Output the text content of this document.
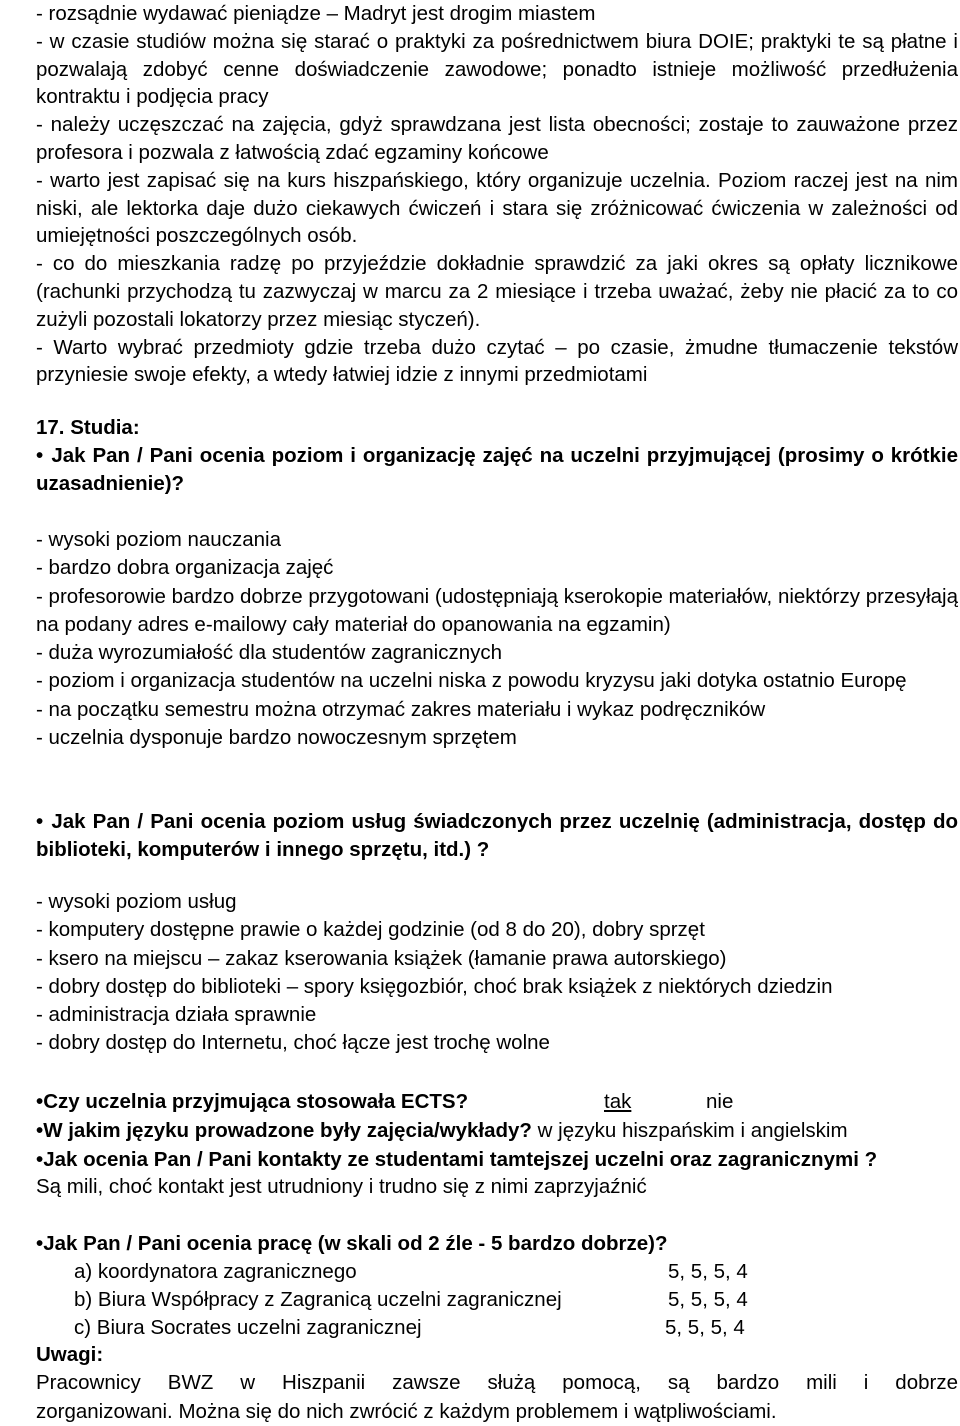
- rozsądnie wydawać pieniądze – Madryt jest drogim miastem

- w czasie studiów można się starać o praktyki za pośrednictwem biura DOIE; praktyki te są płatne i pozwalają zdobyć cenne doświadczenie zawodowe; ponadto istnieje możliwość przedłużenia kontraktu i podjęcia pracy

- należy uczęszczać na zajęcia, gdyż sprawdzana jest lista obecności; zostaje to zauważone przez profesora i pozwala z łatwością zdać egzaminy końcowe

- warto jest zapisać się na kurs hiszpańskiego, który organizuje uczelnia. Poziom raczej jest na nim niski, ale lektorka daje dużo ciekawych ćwiczeń i stara się zróżnicować ćwiczenia w zależności od umiejętności poszczególnych osób.

- co do mieszkania radzę po przyjeździe dokładnie sprawdzić za jaki okres są opłaty licznikowe (rachunki przychodzą tu zazwyczaj w marcu za 2 miesiące i trzeba uważać, żeby nie płacić za to co zużyli pozostali lokatorzy przez miesiąc styczeń).

- Warto wybrać przedmioty gdzie trzeba dużo czytać – po czasie, żmudne tłumaczenie tekstów przyniesie swoje efekty, a wtedy łatwiej idzie z innymi przedmiotami

17. Studia:
• Jak Pan / Pani ocenia poziom i organizację zajęć na uczelni przyjmującej (prosimy o krótkie uzasadnienie)?
- wysoki poziom nauczania
- bardzo dobra organizacja zajęć
- profesorowie bardzo dobrze przygotowani (udostępniają kserokopie materiałów, niektórzy przesyłają na podany adres e-mailowy cały materiał do opanowania na egzamin)
- duża wyrozumiałość dla studentów zagranicznych
- poziom i organizacja studentów na uczelni niska z powodu kryzysu jaki dotyka ostatnio Europę
- na początku semestru można otrzymać zakres materiału i wykaz podręczników
- uczelnia dysponuje bardzo nowoczesnym sprzętem
• Jak Pan / Pani ocenia poziom usług świadczonych przez uczelnię (administracja, dostęp do biblioteki, komputerów i innego sprzętu, itd.) ?
- wysoki poziom usług
- komputery dostępne prawie o każdej godzinie (od 8 do 20), dobry sprzęt
- ksero na miejscu – zakaz kserowania książek (łamanie prawa autorskiego)
- dobry dostęp do biblioteki – spory księgozbiór, choć brak książek z niektórych dziedzin
- administracja działa sprawnie
- dobry dostęp do Internetu, choć łącze jest trochę wolne
•Czy uczelnia przyjmująca stosowała ECTS?	tak	nie
•W jakim języku prowadzone były zajęcia/wykłady? w języku hiszpańskim i angielskim
•Jak ocenia Pan / Pani kontakty ze studentami tamtejszej uczelni oraz zagranicznymi ?
Są mili, choć kontakt jest utrudniony i trudno się z nimi zaprzyjaźnić
•Jak Pan / Pani ocenia pracę (w skali od 2 źle - 5 bardzo dobrze)?
a) koordynatora zagranicznego	5, 5, 5, 4
b) Biura Współpracy z Zagranicą uczelni zagranicznej	5, 5, 5, 4
c) Biura Socrates uczelni zagranicznej	5, 5, 5, 4
Uwagi:
Pracownicy BWZ w Hiszpanii zawsze służą pomocą, są bardzo mili i dobrze
zorganizowani. Można się do nich zwrócić z każdym problemem i wątpliwościami.
